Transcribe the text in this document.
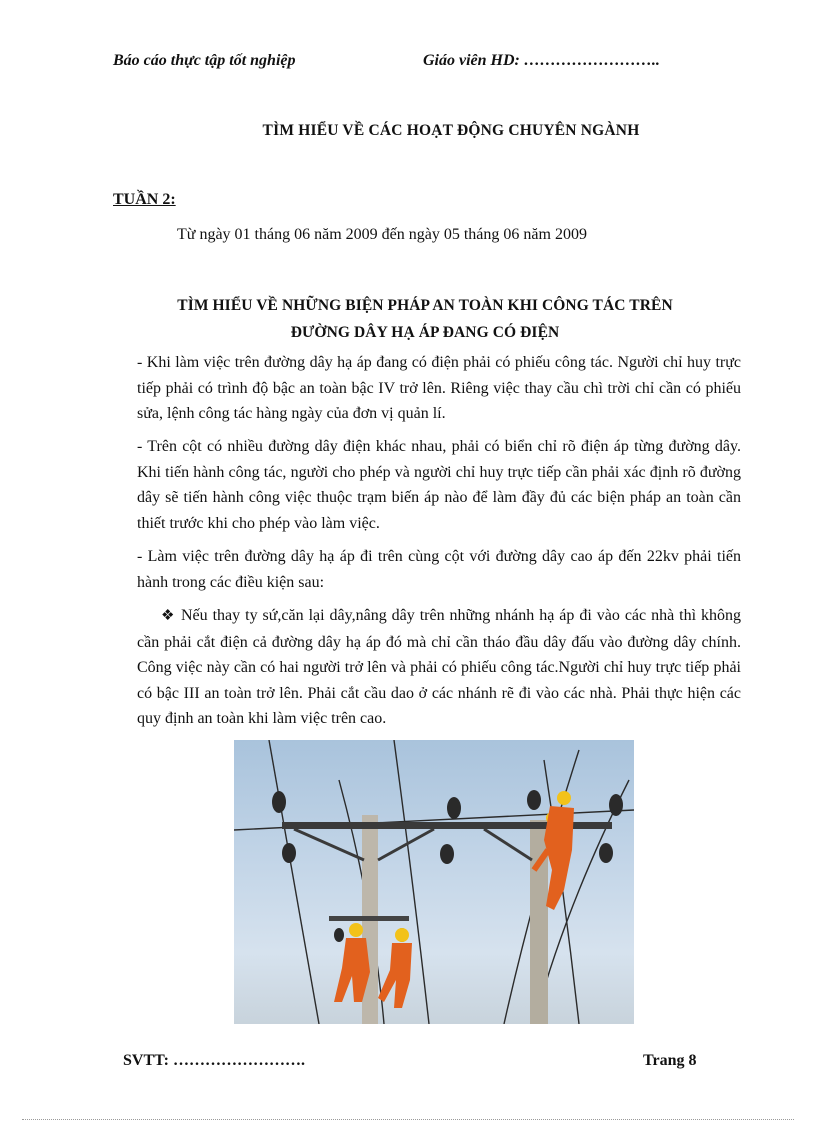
Báo cáo thực tập tốt nghiệp	Giáo viên HD: ……………………..
TÌM HIỂU VỀ CÁC HOẠT ĐỘNG CHUYÊN NGÀNH
TUẦN 2:
Từ ngày 01 tháng 06 năm 2009 đến ngày 05 tháng 06 năm 2009
TÌM HIỂU VỀ NHỮNG BIỆN PHÁP AN TOÀN KHI CÔNG TÁC TRÊN
ĐƯỜNG DÂY HẠ ÁP ĐANG CÓ ĐIỆN
- Khi làm việc trên đường dây hạ áp đang có điện phải có phiếu công tác. Người chỉ huy trực tiếp phải có trình độ bậc an toàn bậc IV trở lên. Riêng việc thay cầu chì trời chỉ cần có phiếu sửa, lệnh công tác hàng ngày của đơn vị quản lí.
- Trên cột có nhiều đường dây điện khác nhau, phải có biển chỉ rõ điện áp từng đường dây. Khi tiến hành công tác, người cho phép và người chỉ huy trực tiếp cần phải xác định rõ đường dây sẽ tiến hành công việc thuộc trạm biến áp nào để làm đầy đủ các biện pháp an toàn cần thiết trước khi cho phép vào làm việc.
- Làm việc trên đường dây hạ áp đi trên cùng cột với đường dây cao áp đến 22kv phải tiến hành trong các điều kiện sau:
❖ Nếu thay ty sứ,căn lại dây,nâng dây trên những nhánh hạ áp đi vào các nhà thì không cần phải cắt điện cả đường dây hạ áp đó mà chỉ cần tháo đầu dây đấu vào đường dây chính. Công việc này cần có hai người trở lên và phải có phiếu công tác.Người chỉ huy trực tiếp phải có bậc III an toàn trở lên. Phải cắt cầu dao ở các nhánh rẽ đi vào các nhà. Phải thực hiện các quy định an toàn khi làm việc trên cao.
SVTT: …………………….	Trang 8
